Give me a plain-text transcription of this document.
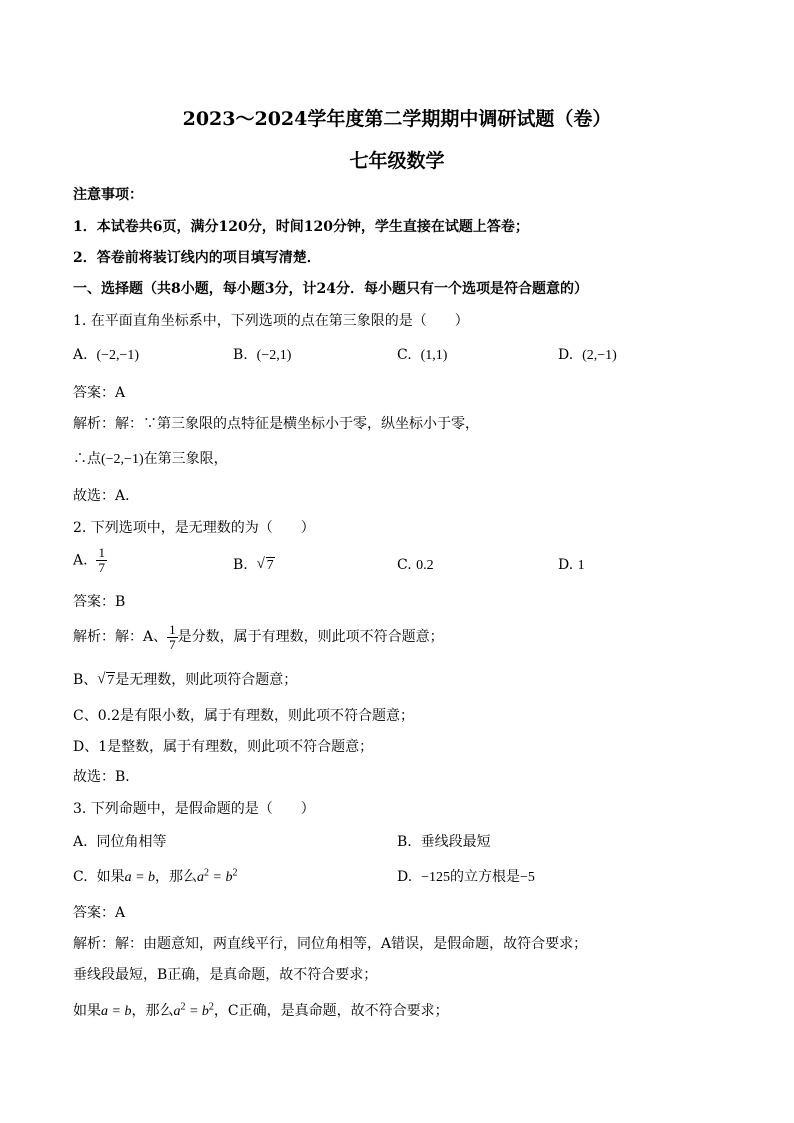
2023～2024学年度第二学期期中调研试题（卷）
七年级数学
注意事项：
1．本试卷共6页，满分120分，时间120分钟，学生直接在试题上答卷；
2．答卷前将装订线内的项目填写清楚．
一、选择题（共8小题，每小题3分，计24分．每小题只有一个选项是符合题意的）
1. 在平面直角坐标系中，下列选项的点在第三象限的是（　　）
A. (−2,−1)	B. (−2,1)	C. (1,1)	D. (2,−1)
答案：A
解析：解：∵第三象限的点特征是横坐标小于零，纵坐标小于零，
∴点(−2,−1)在第三象限，
故选：A．
2. 下列选项中，是无理数的为（　　）
A. $\frac{1}{7}$	B. √ 7	C. 0.2	D. 1
答案：B
解析：解：A、 $\frac{1}{7}$ 是分数，属于有理数，则此项不符合题意；
B、 √ 7是无理数，则此项符合题意；
C、0.2是有限小数，属于有理数，则此项不符合题意；
D、1是整数，属于有理数，则此项不符合题意；
故选：B．
3. 下列命题中，是假命题的是（　　）
A. 同位角相等	B. 垂线段最短
C. 如果a = b，那么$a^2 = b^2$	D. −125的立方根是−5
答案：A
解析：解：由题意知，两直线平行，同位角相等，A错误，是假命题，故符合要求；
垂线段最短，B正确，是真命题，故不符合要求；
如果a = b，那么$a^2 = b^2$，C正确，是真命题，故不符合要求；
